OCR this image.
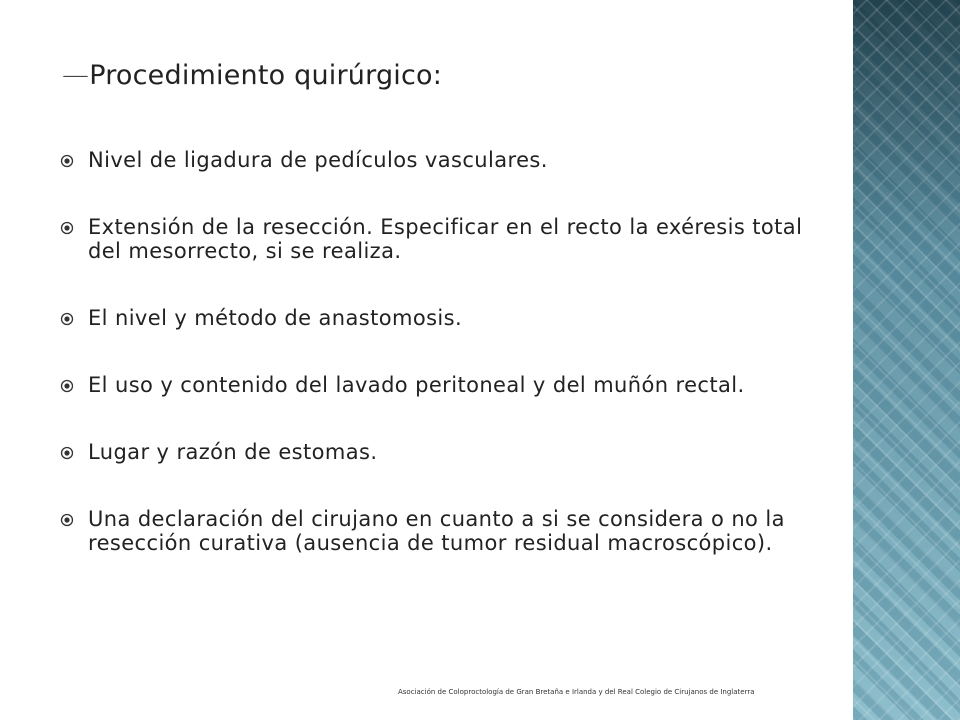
—Procedimiento quirúrgico:
Nivel de ligadura de pedículos vasculares.
Extensión de la resección. Especificar en el recto la exéresis total del mesorrecto, si se realiza.
El nivel y método de anastomosis.
El uso y contenido del lavado peritoneal y del muñón rectal.
Lugar y razón de estomas.
Una declaración del cirujano en cuanto a si se considera o no la resección curativa (ausencia de tumor residual macroscópico).
Asociación de Coloproctología de Gran Bretaña e Irlanda y del Real Colegio de Cirujanos de Inglaterra
